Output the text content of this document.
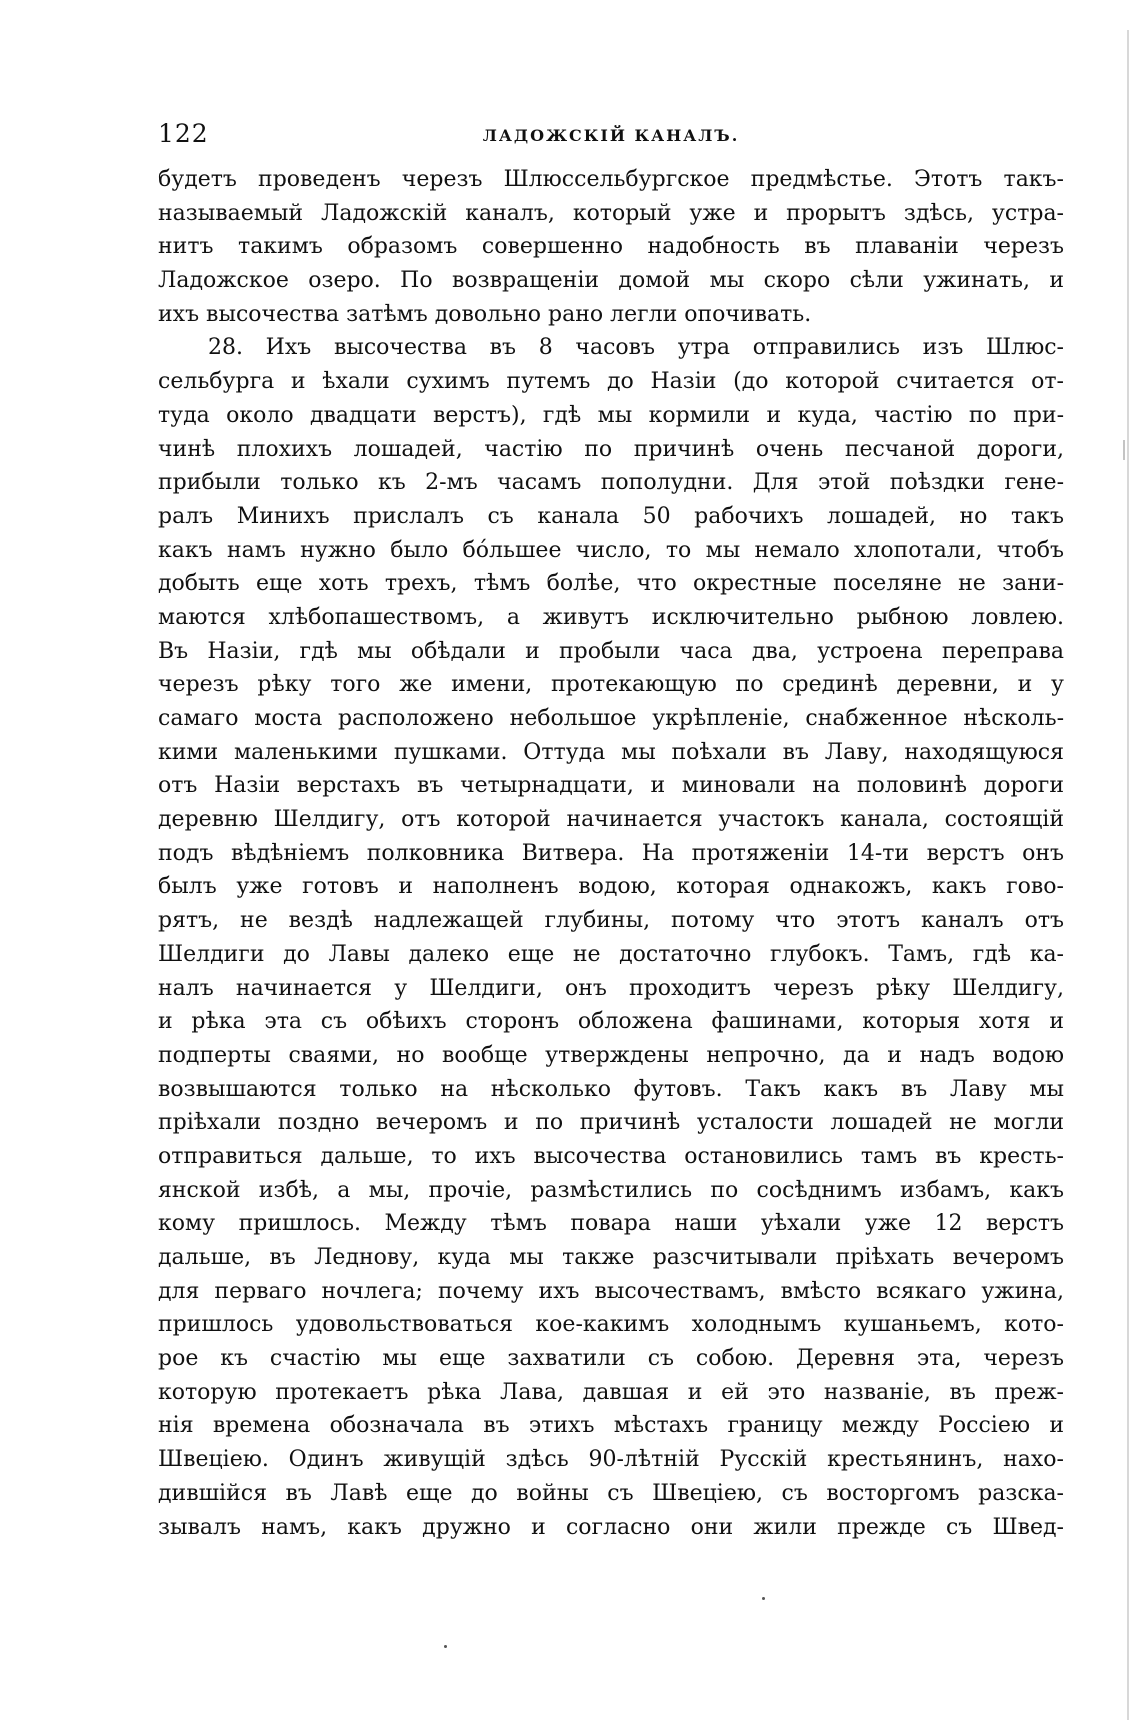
122	ЛАДОЖСКІЙ КАНАЛЪ.
будетъ проведенъ черезъ Шлюссельбургское предмѣстье. Этотъ такъ-
называемый Ладожскій каналъ, который уже и прорытъ здѣсь, устра-
нитъ такимъ образомъ совершенно надобность въ плаваніи черезъ
Ладожское озеро. По возвращеніи домой мы скоро сѣли ужинать, и
ихъ высочества затѣмъ довольно рано легли опочивать.
28. Ихъ высочества въ 8 часовъ утра отправились изъ Шлюс-
сельбурга и ѣхали сухимъ путемъ до Назіи (до которой считается от-
туда около двадцати верстъ), гдѣ мы кормили и куда, частію по при-
чинѣ плохихъ лошадей, частію по причинѣ очень песчаной дороги,
прибыли только къ 2-мъ часамъ пополудни. Для этой поѣздки гене-
ралъ Минихъ прислалъ съ канала 50 рабочихъ лошадей, но такъ
какъ намъ нужно было бо́льшее число, то мы немало хлопотали, чтобъ
добыть еще хоть трехъ, тѣмъ болѣе, что окрестные поселяне не зани-
маются хлѣбопашествомъ, а живутъ исключительно рыбною ловлею.
Въ Назіи, гдѣ мы обѣдали и пробыли часа два, устроена переправа
черезъ рѣку того же имени, протекающую по срединѣ деревни, и у
самаго моста расположено небольшое укрѣпленіе, снабженное нѣсколь-
кими маленькими пушками. Оттуда мы поѣхали въ Лаву, находящуюся
отъ Назіи верстахъ въ четырнадцати, и миновали на половинѣ дороги
деревню Шелдигу, отъ которой начинается участокъ канала, состоящій
подъ вѣдѣніемъ полковника Витвера. На протяженіи 14-ти верстъ онъ
былъ уже готовъ и наполненъ водою, которая однакожъ, какъ гово-
рятъ, не вездѣ надлежащей глубины, потому что этотъ каналъ отъ
Шелдиги до Лавы далеко еще не достаточно глубокъ. Тамъ, гдѣ ка-
налъ начинается у Шелдиги, онъ проходитъ черезъ рѣку Шелдигу,
и рѣка эта съ обѣихъ сторонъ обложена фашинами, которыя хотя и
подперты сваями, но вообще утверждены непрочно, да и надъ водою
возвышаются только на нѣсколько футовъ. Такъ какъ въ Лаву мы
пріѣхали поздно вечеромъ и по причинѣ усталости лошадей не могли
отправиться дальше, то ихъ высочества остановились тамъ въ кресть-
янской избѣ, а мы, прочіе, размѣстились по сосѣднимъ избамъ, какъ
кому пришлось. Между тѣмъ повара наши уѣхали уже 12 верстъ
дальше, въ Леднову, куда мы также разсчитывали пріѣхать вечеромъ
для перваго ночлега; почему ихъ высочествамъ, вмѣсто всякаго ужина,
пришлось удовольствоваться кое-какимъ холоднымъ кушаньемъ, кото-
рое къ счастію мы еще захватили съ собою. Деревня эта, черезъ
которую протекаетъ рѣка Лава, давшая и ей это названіе, въ преж-
нія времена обозначала въ этихъ мѣстахъ границу между Россіею и
Швеціею. Одинъ живущій здѣсь 90-лѣтній Русскій крестьянинъ, нахо-
дившійся въ Лавѣ еще до войны съ Швеціею, съ восторгомъ разска-
зывалъ намъ, какъ дружно и согласно они жили прежде съ Швед-
